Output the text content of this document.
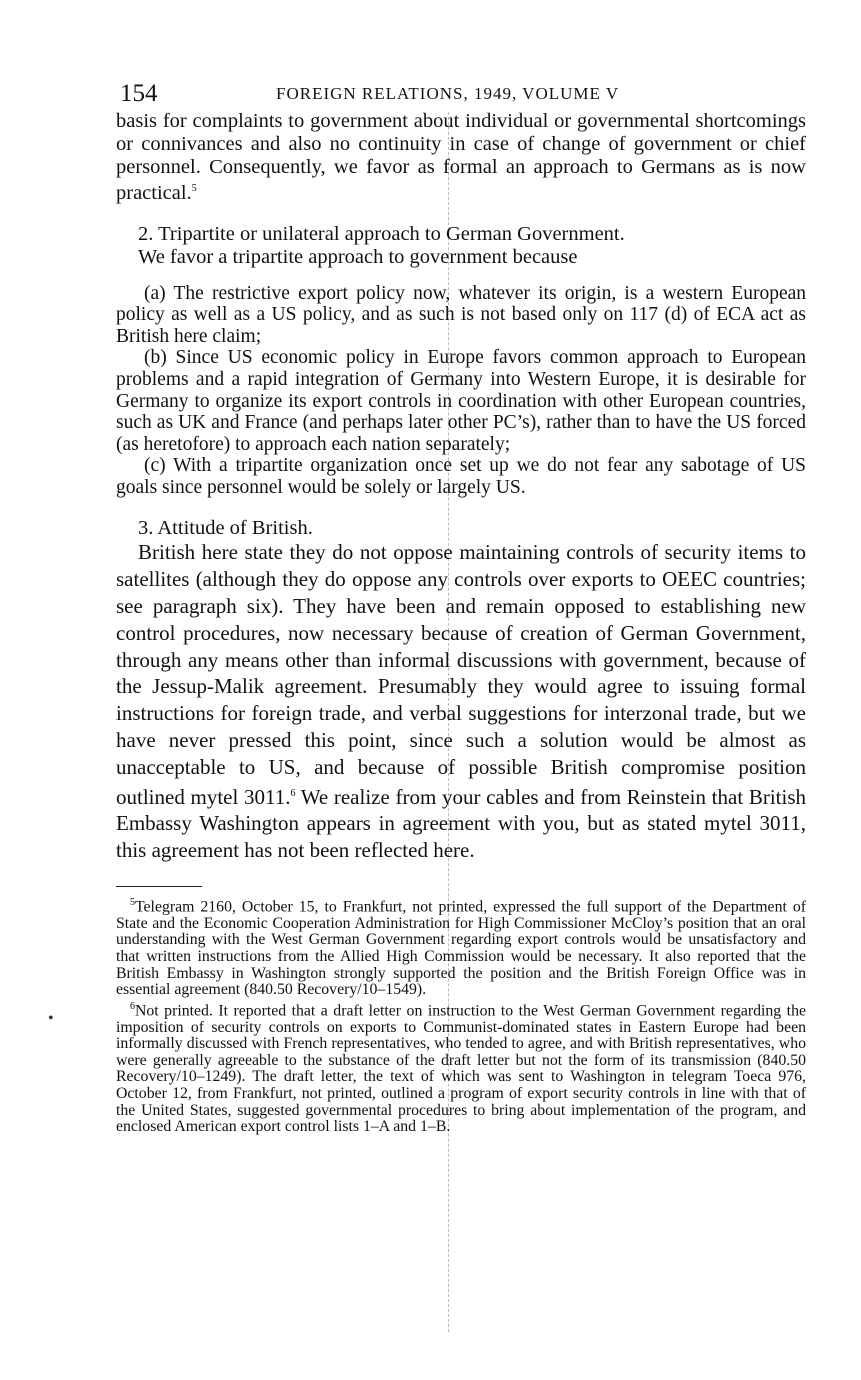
•
154	FOREIGN RELATIONS, 1949, VOLUME V

basis for complaints to government about individual or governmental shortcomings or connivances and also no continuity in case of change of government or chief personnel. Consequently, we favor as formal an approach to Germans as is now practical.$^5$

2. Tripartite or unilateral approach to German Government.

We favor a tripartite approach to government because

(a) The restrictive export policy now, whatever its origin, is a western European policy as well as a US policy, and as such is not based only on 117 (d) of ECA act as British here claim;

(b) Since US economic policy in Europe favors common approach to European problems and a rapid integration of Germany into Western Europe, it is desirable for Germany to organize its export controls in coordination with other European countries, such as UK and France (and perhaps later other PC’s), rather than to have the US forced (as heretofore) to approach each nation separately;

(c) With a tripartite organization once set up we do not fear any sabotage of US goals since personnel would be solely or largely US.

3. Attitude of British.

British here state they do not oppose maintaining controls of security items to satellites (although they do oppose any controls over exports to OEEC countries; see paragraph six). They have been and remain opposed to establishing new control procedures, now necessary because of creation of German Government, through any means other than informal discussions with government, because of the Jessup-Malik agreement. Presumably they would agree to issuing formal instructions for foreign trade, and verbal suggestions for interzonal trade, but we have never pressed this point, since such a solution would be almost as unacceptable to US, and because of possible British compromise position outlined mytel 3011.$^6$ We realize from your cables and from Reinstein that British Embassy Washington appears in agreement with you, but as stated mytel 3011, this agreement has not been reflected here.

$^5$Telegram 2160, October 15, to Frankfurt, not printed, expressed the full support of the Department of State and the Economic Cooperation Administration for High Commissioner McCloy’s position that an oral understanding with the West German Government regarding export controls would be unsatisfactory and that written instructions from the Allied High Commission would be necessary. It also reported that the British Embassy in Washington strongly supported the position and the British Foreign Office was in essential agreement (840.50 Recovery/10–1549).

$^6$Not printed. It reported that a draft letter on instruction to the West German Government regarding the imposition of security controls on exports to Communist-dominated states in Eastern Europe had been informally discussed with French representatives, who tended to agree, and with British representatives, who were generally agreeable to the substance of the draft letter but not the form of its transmission (840.50 Recovery/10–1249). The draft letter, the text of which was sent to Washington in telegram Toeca 976, October 12, from Frankfurt, not printed, outlined a program of export security controls in line with that of the United States, suggested governmental procedures to bring about implementation of the program, and enclosed American export control lists 1–A and 1–B.
